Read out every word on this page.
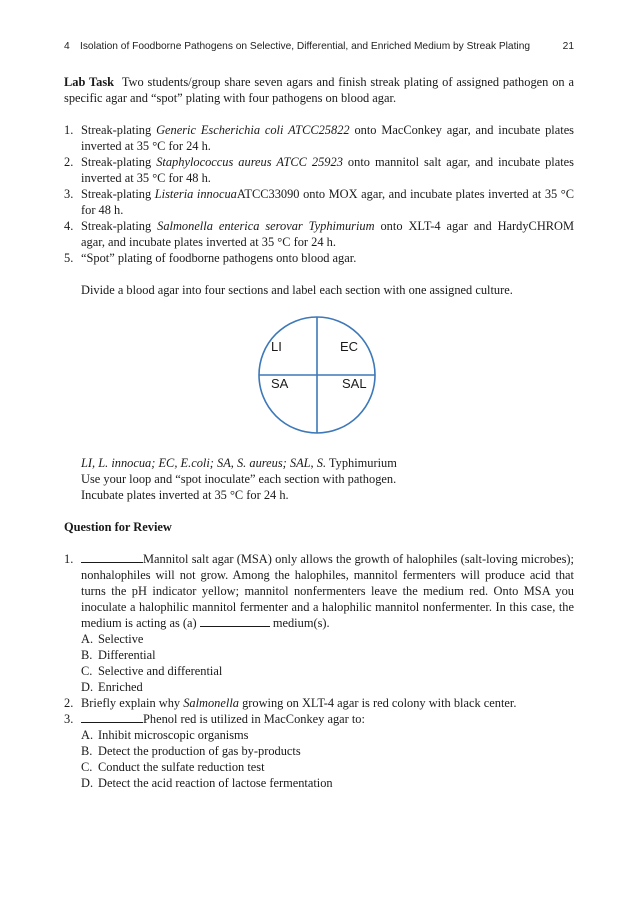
4 Isolation of Foodborne Pathogens on Selective, Differential, and Enriched Medium by Streak Plating	21

Lab Task Two students/group share seven agars and finish streak plating of assigned pathogen on a specific agar and “spot” plating with four pathogens on blood agar.

1. Streak-plating Generic Escherichia coli ATCC25822 onto MacConkey agar, and incubate plates inverted at 35 °C for 24 h.
2. Streak-plating Staphylococcus aureus ATCC 25923 onto mannitol salt agar, and incubate plates inverted at 35 °C for 48 h.
3. Streak-plating Listeria innocuaATCC33090 onto MOX agar, and incubate plates inverted at 35 °C for 48 h.
4. Streak-plating Salmonella enterica serovar Typhimurium onto XLT-4 agar and HardyCHROM agar, and incubate plates inverted at 35 °C for 24 h.
5. “Spot” plating of foodborne pathogens onto blood agar.

Divide a blood agar into four sections and label each section with one assigned culture.

LI	EC
SA	SAL

LI, L. innocua; EC, E.coli; SA, S. aureus; SAL, S. Typhimurium

Use your loop and “spot inoculate” each section with pathogen.

Incubate plates inverted at 35 °C for 24 h.

Question for Review

1.	Mannitol salt agar (MSA) only allows the growth of halophiles (salt-loving microbes); nonhalophiles will not grow. Among the halophiles, mannitol fermenters will produce acid that turns the pH indicator yellow; mannitol nonfermenters leave the medium red. Onto MSA you inoculate a halophilic mannitol fermenter and a halophilic mannitol nonfermenter. In this case, the medium is acting as (a)	medium(s).
A. Selective
B. Differential
C. Selective and differential
D. Enriched
2. Briefly explain why Salmonella growing on XLT-4 agar is red colony with black center.
3.	Phenol red is utilized in MacConkey agar to:
A. Inhibit microscopic organisms
B. Detect the production of gas by-products
C. Conduct the sulfate reduction test
D. Detect the acid reaction of lactose fermentation
